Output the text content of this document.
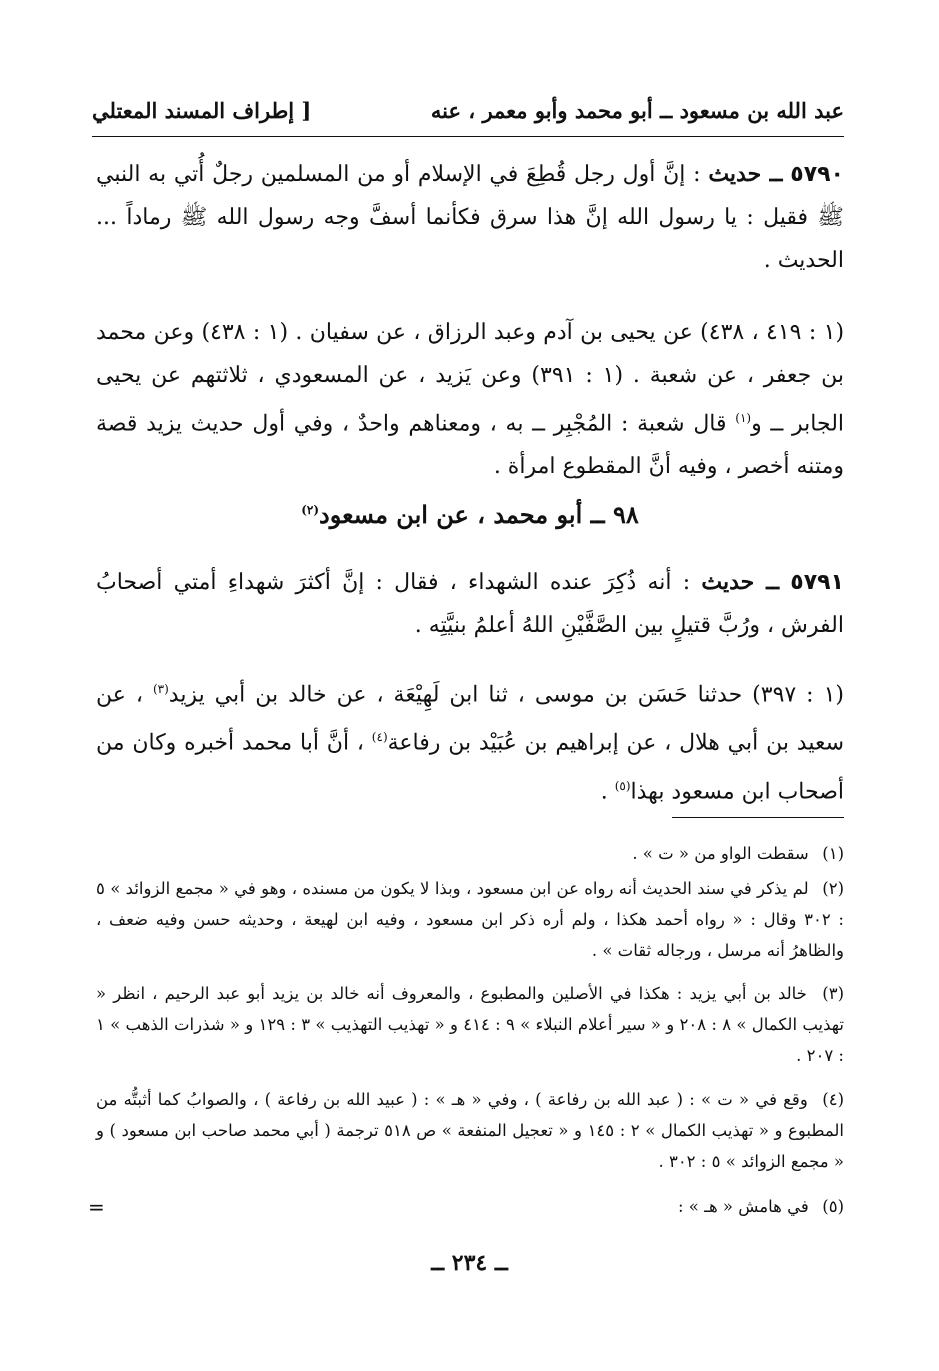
عبد الله بن مسعود ــ أبو محمد وأبو معمر ، عنه
[ إطراف المسند المعتلي
٥٧٩٠ ــ حديث : إنَّ أول رجل قُطِعَ في الإسلام أو من المسلمين رجلٌ أُتي به النبي ﷺ فقيل : يا رسول الله إنَّ هذا سرق فكأنما أسفَّ وجه رسول الله ﷺ رماداً ... الحديث .
(١ : ٤١٩ ، ٤٣٨) عن يحيى بن آدم وعبد الرزاق ، عن سفيان . (١ : ٤٣٨) وعن محمد بن جعفر ، عن شعبة . (١ : ٣٩١) وعن يَزيد ، عن المسعودي ، ثلاثتهم عن يحيى الجابر ــ و$^{(١)}$ قال شعبة : المُجْبِر ــ به ، ومعناهم واحدٌ ، وفي أول حديث يزيد قصة ومتنه أخصر ، وفيه أنَّ المقطوع امرأة .
٩٨ ــ أبو محمد ، عن ابن مسعود$^{(٢)}$
٥٧٩١ ــ حديث : أنه ذُكِرَ عنده الشهداء ، فقال : إنَّ أكثرَ شهداءِ أمتي أصحابُ الفرش ، ورُبَّ قتيلٍ بين الصَّفَّيْنِ اللهُ أعلمُ بنيَّتِه .
(١ : ٣٩٧) حدثنا حَسَن بن موسى ، ثنا ابن لَهِيْعَة ، عن خالد بن أبي يزيد$^{(٣)}$ ، عن سعيد بن أبي هلال ، عن إبراهيم بن عُبَيْد بن رفاعة$^{(٤)}$ ، أنَّ أبا محمد أخبره وكان من أصحاب ابن مسعود بهذا$^{(٥)}$ .
(١) سقطت الواو من « ت » .
(٢) لم يذكر في سند الحديث أنه رواه عن ابن مسعود ، وبذا لا يكون من مسنده ، وهو في « مجمع الزوائد » ٥ : ٣٠٢ وقال : « رواه أحمد هكذا ، ولم أره ذكر ابن مسعود ، وفيه ابن لهيعة ، وحديثه حسن وفيه ضعف ، والظاهرُ أنه مرسل ، ورجاله ثقات » .
(٣) خالد بن أبي يزيد : هكذا في الأصلين والمطبوع ، والمعروف أنه خالد بن يزيد أبو عبد الرحيم ، انظر « تهذيب الكمال » ٨ : ٢٠٨ و « سير أعلام النبلاء » ٩ : ٤١٤ و « تهذيب التهذيب » ٣ : ١٢٩ و « شذرات الذهب » ١ : ٢٠٧ .
(٤) وقع في « ت » : ( عبد الله بن رفاعة ) ، وفي « هـ » : ( عبيد الله بن رفاعة ) ، والصوابُ كما أثبتُّه من المطبوع و « تهذيب الكمال » ٢ : ١٤٥ و « تعجيل المنفعة » ص ٥١٨ ترجمة ( أبي محمد صاحب ابن مسعود ) و « مجمع الزوائد » ٥ : ٣٠٢ .
(٥) في هامش « هـ » :
=
ــ ٢٣٤ ــ
